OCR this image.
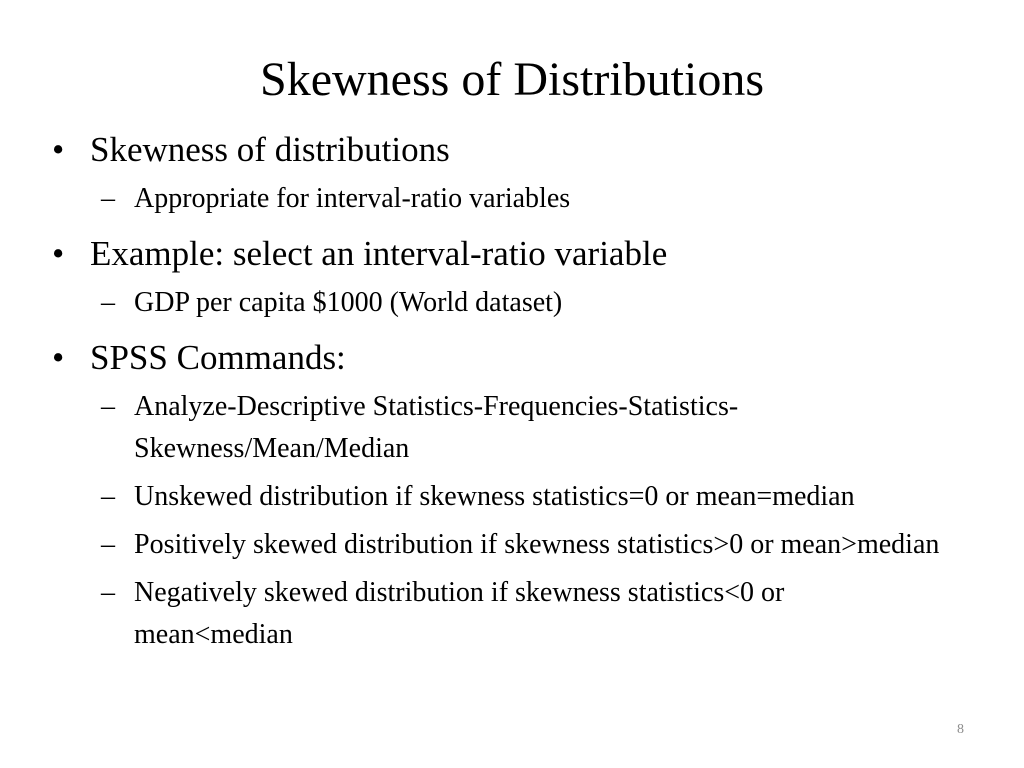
Skewness of Distributions
• Skewness of distributions
– Appropriate for interval-ratio variables
• Example: select an interval-ratio variable
– GDP per capita $1000 (World dataset)
• SPSS Commands:
– Analyze-Descriptive Statistics-Frequencies-Statistics-Skewness/Mean/Median
– Unskewed distribution if skewness statistics=0 or mean=median
– Positively skewed distribution if skewness statistics>0 or mean>median
– Negatively skewed distribution if skewness statistics<0 or mean<median
8
